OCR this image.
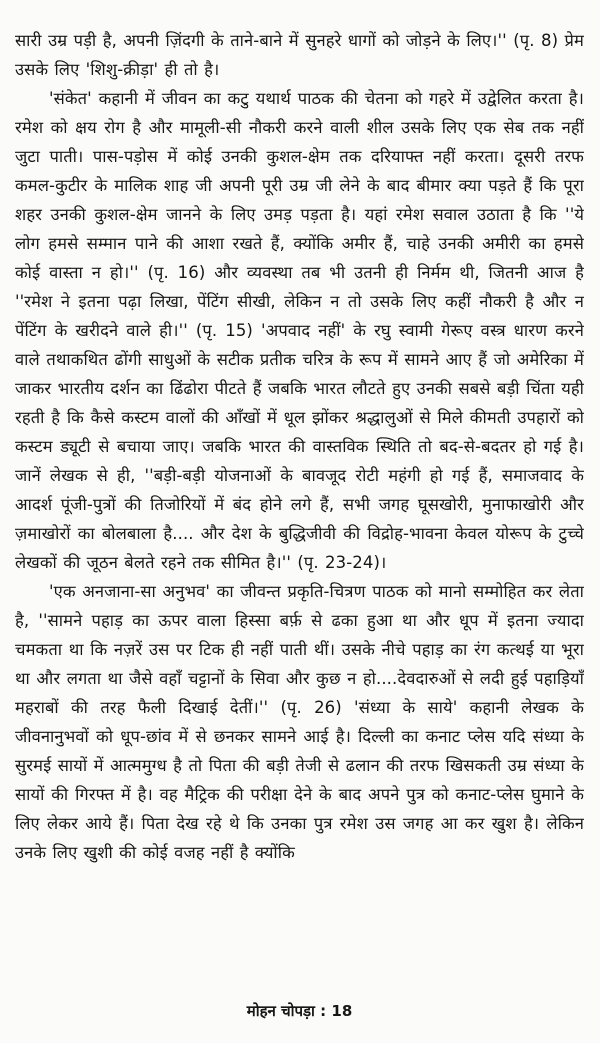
सारी उम्र पड़ी है, अपनी ज़िंदगी के ताने-बाने में सुनहरे धागों को जोड़ने के लिए।'' (पृ. 8) प्रेम उसके लिए 'शिशु-क्रीड़ा' ही तो है।

'संकेत' कहानी में जीवन का कटु यथार्थ पाठक की चेतना को गहरे में उद्वेलित करता है। रमेश को क्षय रोग है और मामूली-सी नौकरी करने वाली शील उसके लिए एक सेब तक नहीं जुटा पाती। पास-पड़ोस में कोई उनकी कुशल-क्षेम तक दरियाफ्त नहीं करता। दूसरी तरफ कमल-कुटीर के मालिक शाह जी अपनी पूरी उम्र जी लेने के बाद बीमार क्या पड़ते हैं कि पूरा शहर उनकी कुशल-क्षेम जानने के लिए उमड़ पड़ता है। यहां रमेश सवाल उठाता है कि ''ये लोग हमसे सम्मान पाने की आशा रखते हैं, क्योंकि अमीर हैं, चाहे उनकी अमीरी का हमसे कोई वास्ता न हो।'' (पृ. 16) और व्यवस्था तब भी उतनी ही निर्मम थी, जितनी आज है ''रमेश ने इतना पढ़ा लिखा, पेंटिंग सीखी, लेकिन न तो उसके लिए कहीं नौकरी है और न पेंटिंग के खरीदने वाले ही।'' (पृ. 15) 'अपवाद नहीं' के रघु स्वामी गेरूए वस्त्र धारण करने वाले तथाकथित ढोंगी साधुओं के सटीक प्रतीक चरित्र के रूप में सामने आए हैं जो अमेरिका में जाकर भारतीय दर्शन का ढिंढोरा पीटते हैं जबकि भारत लौटते हुए उनकी सबसे बड़ी चिंता यही रहती है कि कैसे कस्टम वालों की आँखों में धूल झोंकर श्रद्धालुओं से मिले कीमती उपहारों को कस्टम ड्यूटी से बचाया जाए। जबकि भारत की वास्तविक स्थिति तो बद-से-बदतर हो गई है। जानें लेखक से ही, ''बड़ी-बड़ी योजनाओं के बावजूद रोटी महंगी हो गई हैं, समाजवाद के आदर्श पूंजी-पुत्रों की तिजोरियों में बंद होने लगे हैं, सभी जगह घूसखोरी, मुनाफाखोरी और ज़माखोरों का बोलबाला है.... और देश के बुद्धिजीवी की विद्रोह-भावना केवल योरूप के टुच्चे लेखकों की जूठन बेलते रहने तक सीमित है।'' (पृ. 23-24)।

'एक अनजाना-सा अनुभव' का जीवन्त प्रकृति-चित्रण पाठक को मानो सम्मोहित कर लेता है, ''सामने पहाड़ का ऊपर वाला हिस्सा बर्फ़ से ढका हुआ था और धूप में इतना ज्यादा चमकता था कि नज़रें उस पर टिक ही नहीं पाती थीं। उसके नीचे पहाड़ का रंग कत्थई या भूरा था और लगता था जैसे वहाँ चट्टानों के सिवा और कुछ न हो....देवदारुओं से लदी हुई पहाड़ियाँ महराबों की तरह फैली दिखाई देतीं।'' (पृ. 26) 'संध्या के साये' कहानी लेखक के जीवनानुभवों को धूप-छांव में से छनकर सामने आई है। दिल्ली का कनाट प्लेस यदि संध्या के सुरमई सायों में आत्ममुग्ध है तो पिता की बड़ी तेजी से ढलान की तरफ खिसकती उम्र संध्या के सायों की गिरफ्त में है। वह मैट्रिक की परीक्षा देने के बाद अपने पुत्र को कनाट-प्लेस घुमाने के लिए लेकर आये हैं। पिता देख रहे थे कि उनका पुत्र रमेश उस जगह आ कर खुश है। लेकिन उनके लिए खुशी की कोई वजह नहीं है क्योंकि

मोहन चोपड़ा : 18
